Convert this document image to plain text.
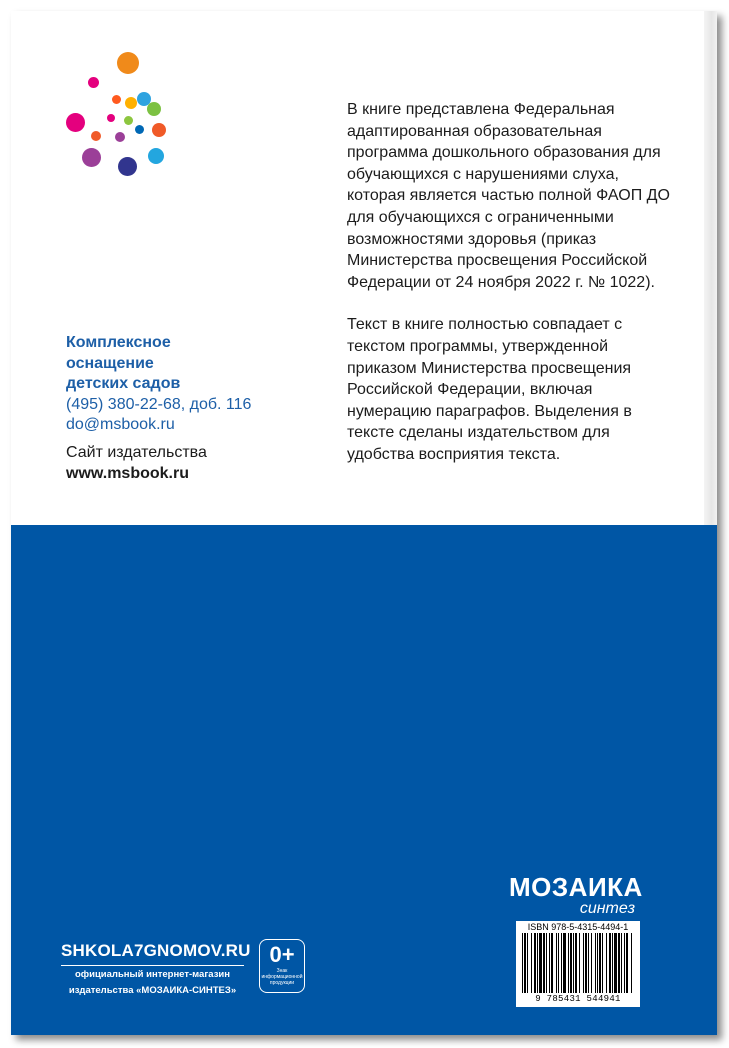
Комплексное
оснащение
детских садов
(495) 380-22-68, доб. 116
do@msbook.ru
Сайт издательства
www.msbook.ru

В книге представлена Федеральная адаптированная образовательная программа дошкольного образования для обучающихся с нарушениями слуха, которая является частью полной ФАОП ДО для обучающихся с ограниченными возможностями здоровья (приказ Министерства просвещения Российской Федерации от 24 ноября 2022 г. № 1022).

Текст в книге полностью совпадает с текстом программы, утвержденной приказом Министерства просвещения Российской Федерации, включая нумерацию параграфов. Выделения в тексте сделаны издательством для удобства восприятия текста.

SHKOLA7GNOMOV.RU
официальный интернет-магазин
издательства «МОЗАИКА-СИНТЕЗ»
0+
Знак информационной продукции
МОЗАИКА
синтез
ISBN 978-5-4315-4494-1
9 785431 544941
